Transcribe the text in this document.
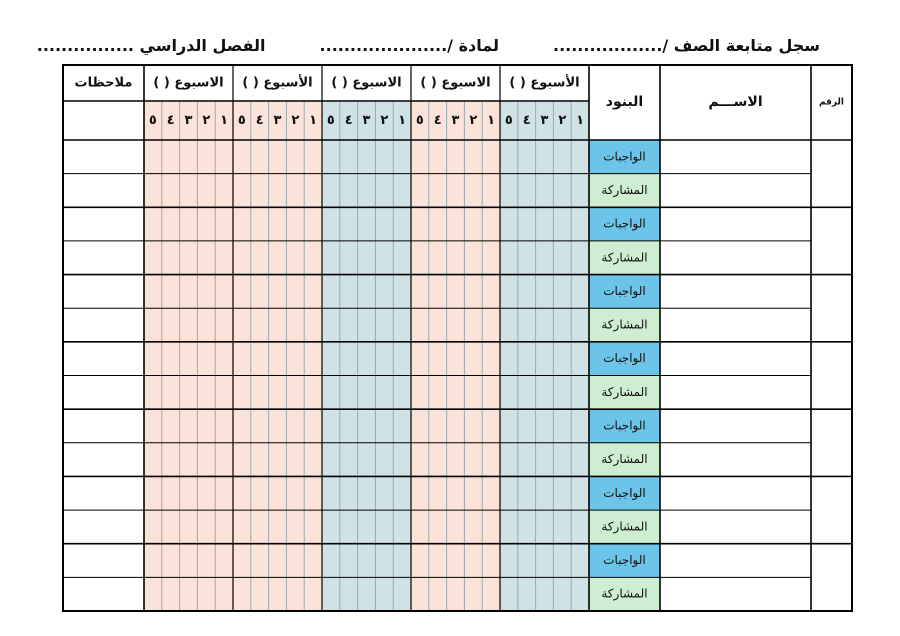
سجل متابعة الصف /..................
لمادة /.....................
الفصل الدراسي ................
١
٢
٣
٤
٥
الأسبوع ( )
١
٢
٣
٤
٥
الاسبوع ( )
١
٢
٣
٤
٥
الاسبوع ( )
١
٢
٣
٤
٥
الأسبوع ( )
١
٢
٣
٤
٥
الاسبوع ( )
الرقم
الاســـم
البنود
ملاحظات
الواجبات
المشاركة
الواجبات
المشاركة
الواجبات
المشاركة
الواجبات
المشاركة
الواجبات
المشاركة
الواجبات
المشاركة
الواجبات
المشاركة
